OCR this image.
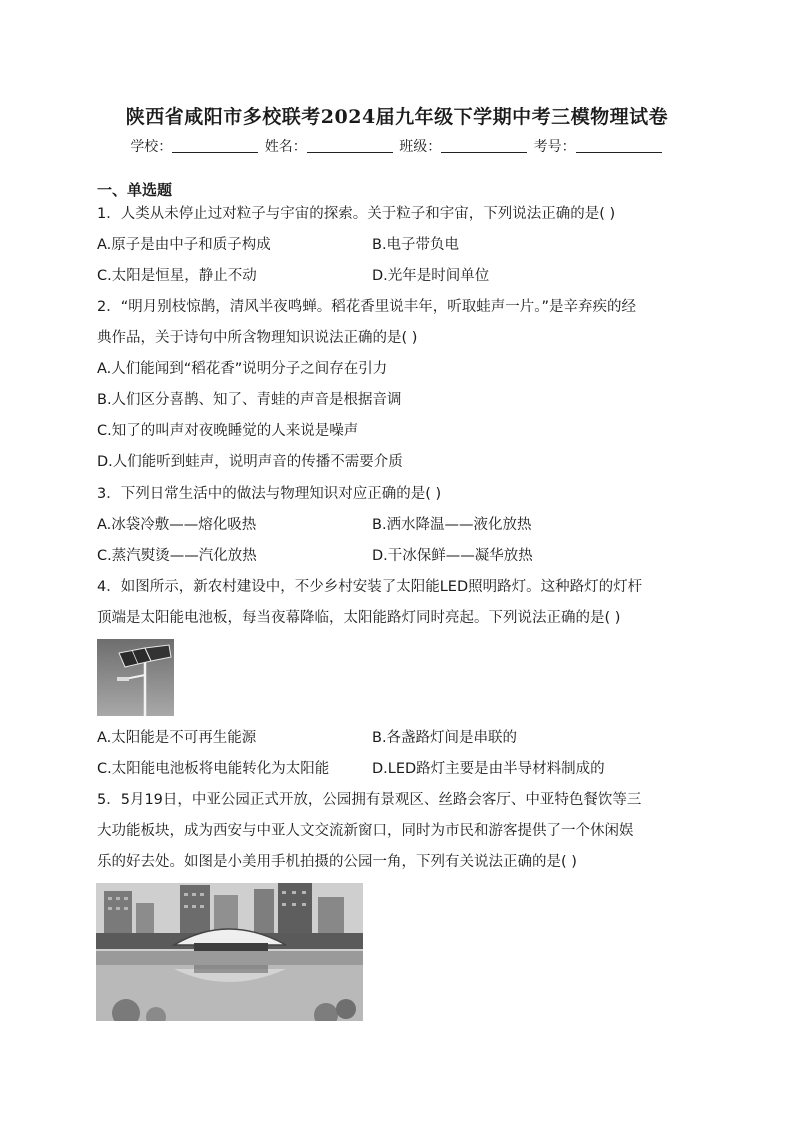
陕西省咸阳市多校联考2024届九年级下学期中考三模物理试卷
学校：	姓名：	班级：	考号：
一、单选题
1．人类从未停止过对粒子与宇宙的探索。关于粒子和宇宙，下列说法正确的是( )
A.原子是由中子和质子构成	B.电子带负电
C.太阳是恒星，静止不动	D.光年是时间单位
2．“明月别枝惊鹊，清风半夜鸣蝉。稻花香里说丰年，听取蛙声一片。”是辛弃疾的经
典作品，关于诗句中所含物理知识说法正确的是( )
A.人们能闻到“稻花香”说明分子之间存在引力
B.人们区分喜鹊、知了、青蛙的声音是根据音调
C.知了的叫声对夜晚睡觉的人来说是噪声
D.人们能听到蛙声，说明声音的传播不需要介质
3．下列日常生活中的做法与物理知识对应正确的是( )
A.冰袋冷敷——熔化吸热	B.洒水降温——液化放热
C.蒸汽熨烫——汽化放热	D.干冰保鲜——凝华放热
4．如图所示，新农村建设中，不少乡村安装了太阳能LED照明路灯。这种路灯的灯杆
顶端是太阳能电池板，每当夜幕降临，太阳能路灯同时亮起。下列说法正确的是( )
A.太阳能是不可再生能源	B.各盏路灯间是串联的
C.太阳能电池板将电能转化为太阳能	D.LED路灯主要是由半导材料制成的
5．5月19日，中亚公园正式开放，公园拥有景观区、丝路会客厅、中亚特色餐饮等三
大功能板块，成为西安与中亚人文交流新窗口，同时为市民和游客提供了一个休闲娱
乐的好去处。如图是小美用手机拍摄的公园一角，下列有关说法正确的是( )
